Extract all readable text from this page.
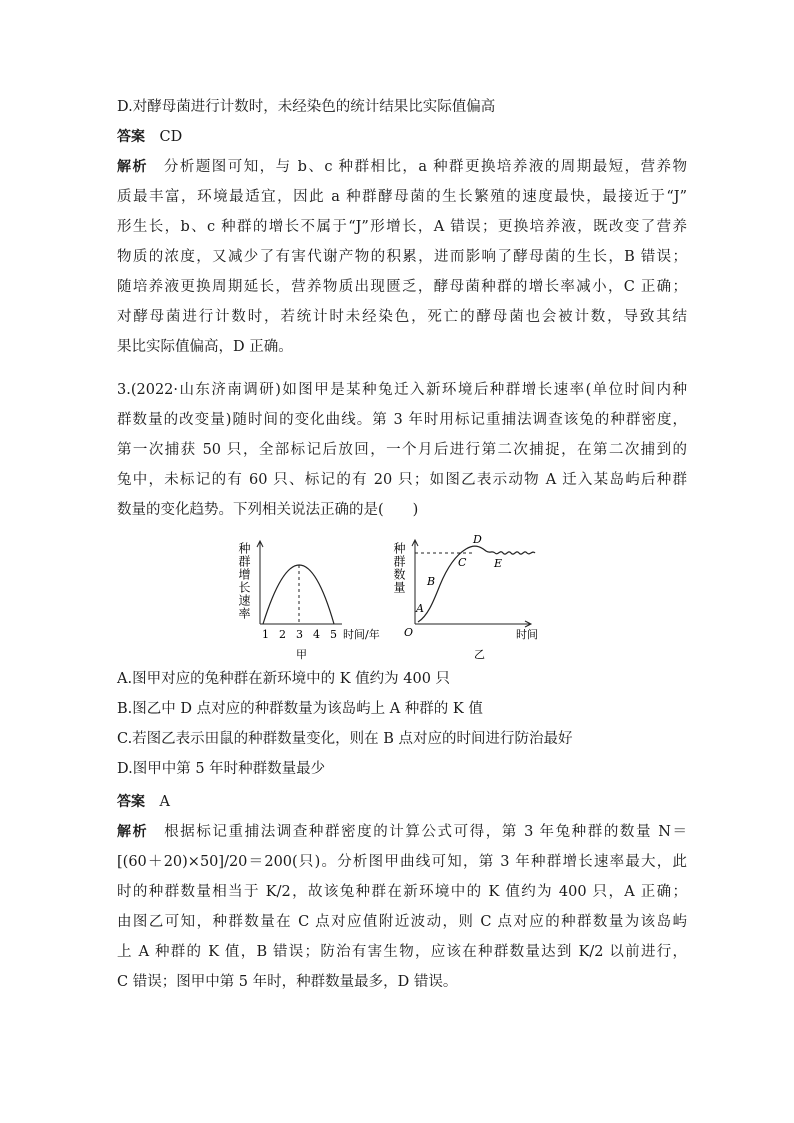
D.对酵母菌进行计数时，未经染色的统计结果比实际值偏高
答案  CD
解析  分析题图可知，与 b、c 种群相比，a 种群更换培养液的周期最短，营养物
质最丰富，环境最适宜，因此 a 种群酵母菌的生长繁殖的速度最快，最接近于“J”
形生长，b、c 种群的增长不属于“J”形增长，A 错误；更换培养液，既改变了营养
物质的浓度，又减少了有害代谢产物的积累，进而影响了酵母菌的生长，B 错误；
随培养液更换周期延长，营养物质出现匮乏，酵母菌种群的增长率减小，C 正确；
对酵母菌进行计数时，若统计时未经染色，死亡的酵母菌也会被计数，导致其结
果比实际值偏高，D 正确。
3.(2022·山东济南调研)如图甲是某种兔迁入新环境后种群增长速率(单位时间内种
群数量的改变量)随时间的变化曲线。第 3 年时用标记重捕法调查该兔的种群密度，
第一次捕获 50 只，全部标记后放回，一个月后进行第二次捕捉，在第二次捕到的
兔中，未标记的有 60 只、标记的有 20 只；如图乙表示动物 A 迁入某岛屿后种群
数量的变化趋势。下列相关说法正确的是(　　)
种群增长速率
1 2 3 4 5 时间/年
甲
种群数量
O
A
B
C
D
E
时间
乙
A.图甲对应的兔种群在新环境中的 K 值约为 400 只
B.图乙中 D 点对应的种群数量为该岛屿上 A 种群的 K 值
C.若图乙表示田鼠的种群数量变化，则在 B 点对应的时间进行防治最好
D.图甲中第 5 年时种群数量最少
答案  A
解析  根据标记重捕法调查种群密度的计算公式可得，第 3 年兔种群的数量 N＝
[(60＋20)×50]/20＝200(只)。分析图甲曲线可知，第 3 年种群增长速率最大，此
时的种群数量相当于 K/2，故该兔种群在新环境中的 K 值约为 400 只，A 正确；
由图乙可知，种群数量在 C 点对应值附近波动，则 C 点对应的种群数量为该岛屿
上 A 种群的 K 值，B 错误；防治有害生物，应该在种群数量达到 K/2 以前进行，
C 错误；图甲中第 5 年时，种群数量最多，D 错误。
